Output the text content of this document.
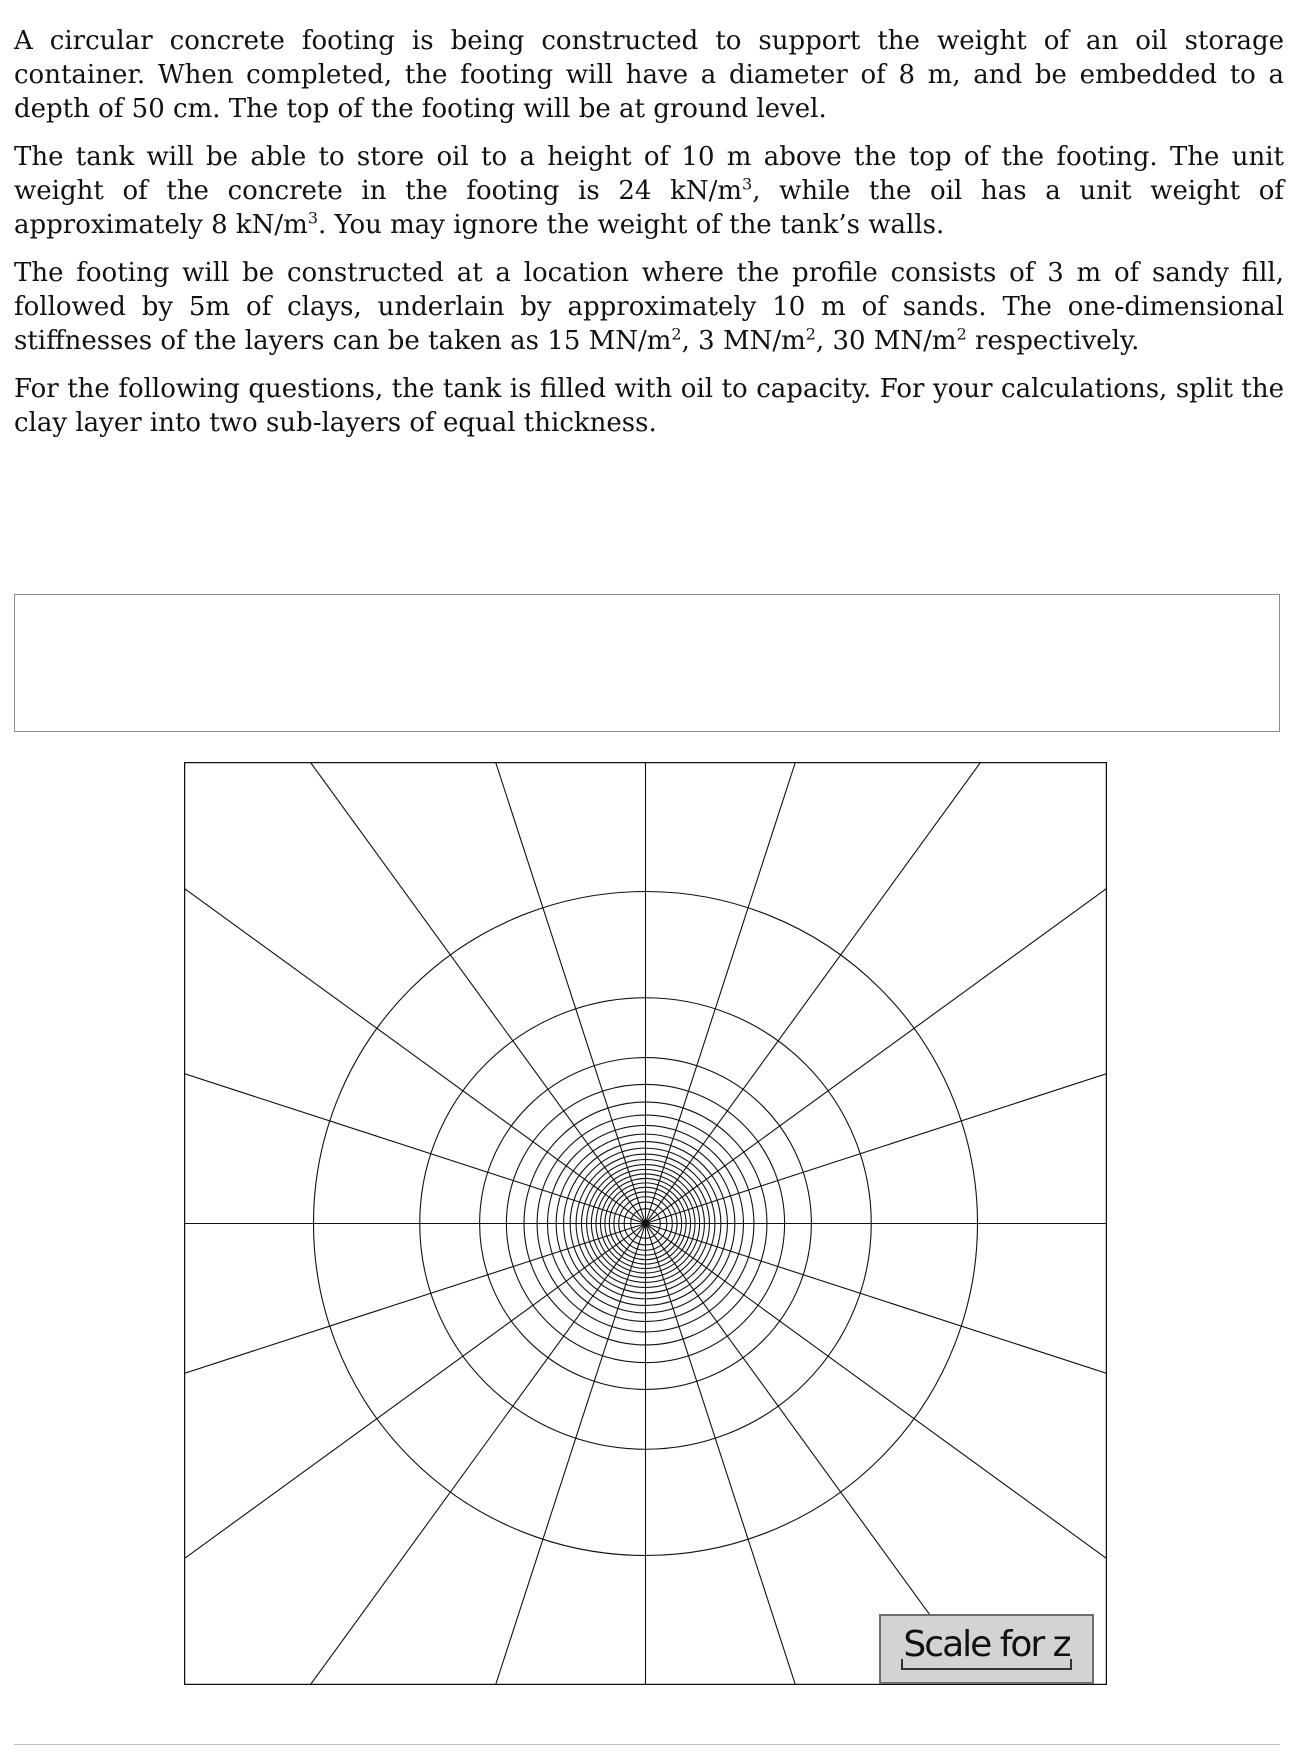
A circular concrete footing is being constructed to support the weight of an oil storage container. When completed, the footing will have a diameter of 8 m, and be embedded to a depth of 50 cm. The top of the footing will be at ground level.

The tank will be able to store oil to a height of 10 m above the top of the footing. The unit weight of the concrete in the footing is 24 $kN/m^3$, while the oil has a unit weight of approximately 8 $kN/m^3$. You may ignore the weight of the tank’s walls.

The footing will be constructed at a location where the profile consists of 3 m of sandy fill, followed by 5m of clays, underlain by approximately 10 m of sands. The one-dimensional stiffnesses of the layers can be taken as 15 $MN/m^2$, 3 $MN/m^2$, 30 $MN/m^2$ respectively.

For the following questions, the tank is filled with oil to capacity. For your calculations, split the clay layer into two sub-layers of equal thickness.

Scale for z
